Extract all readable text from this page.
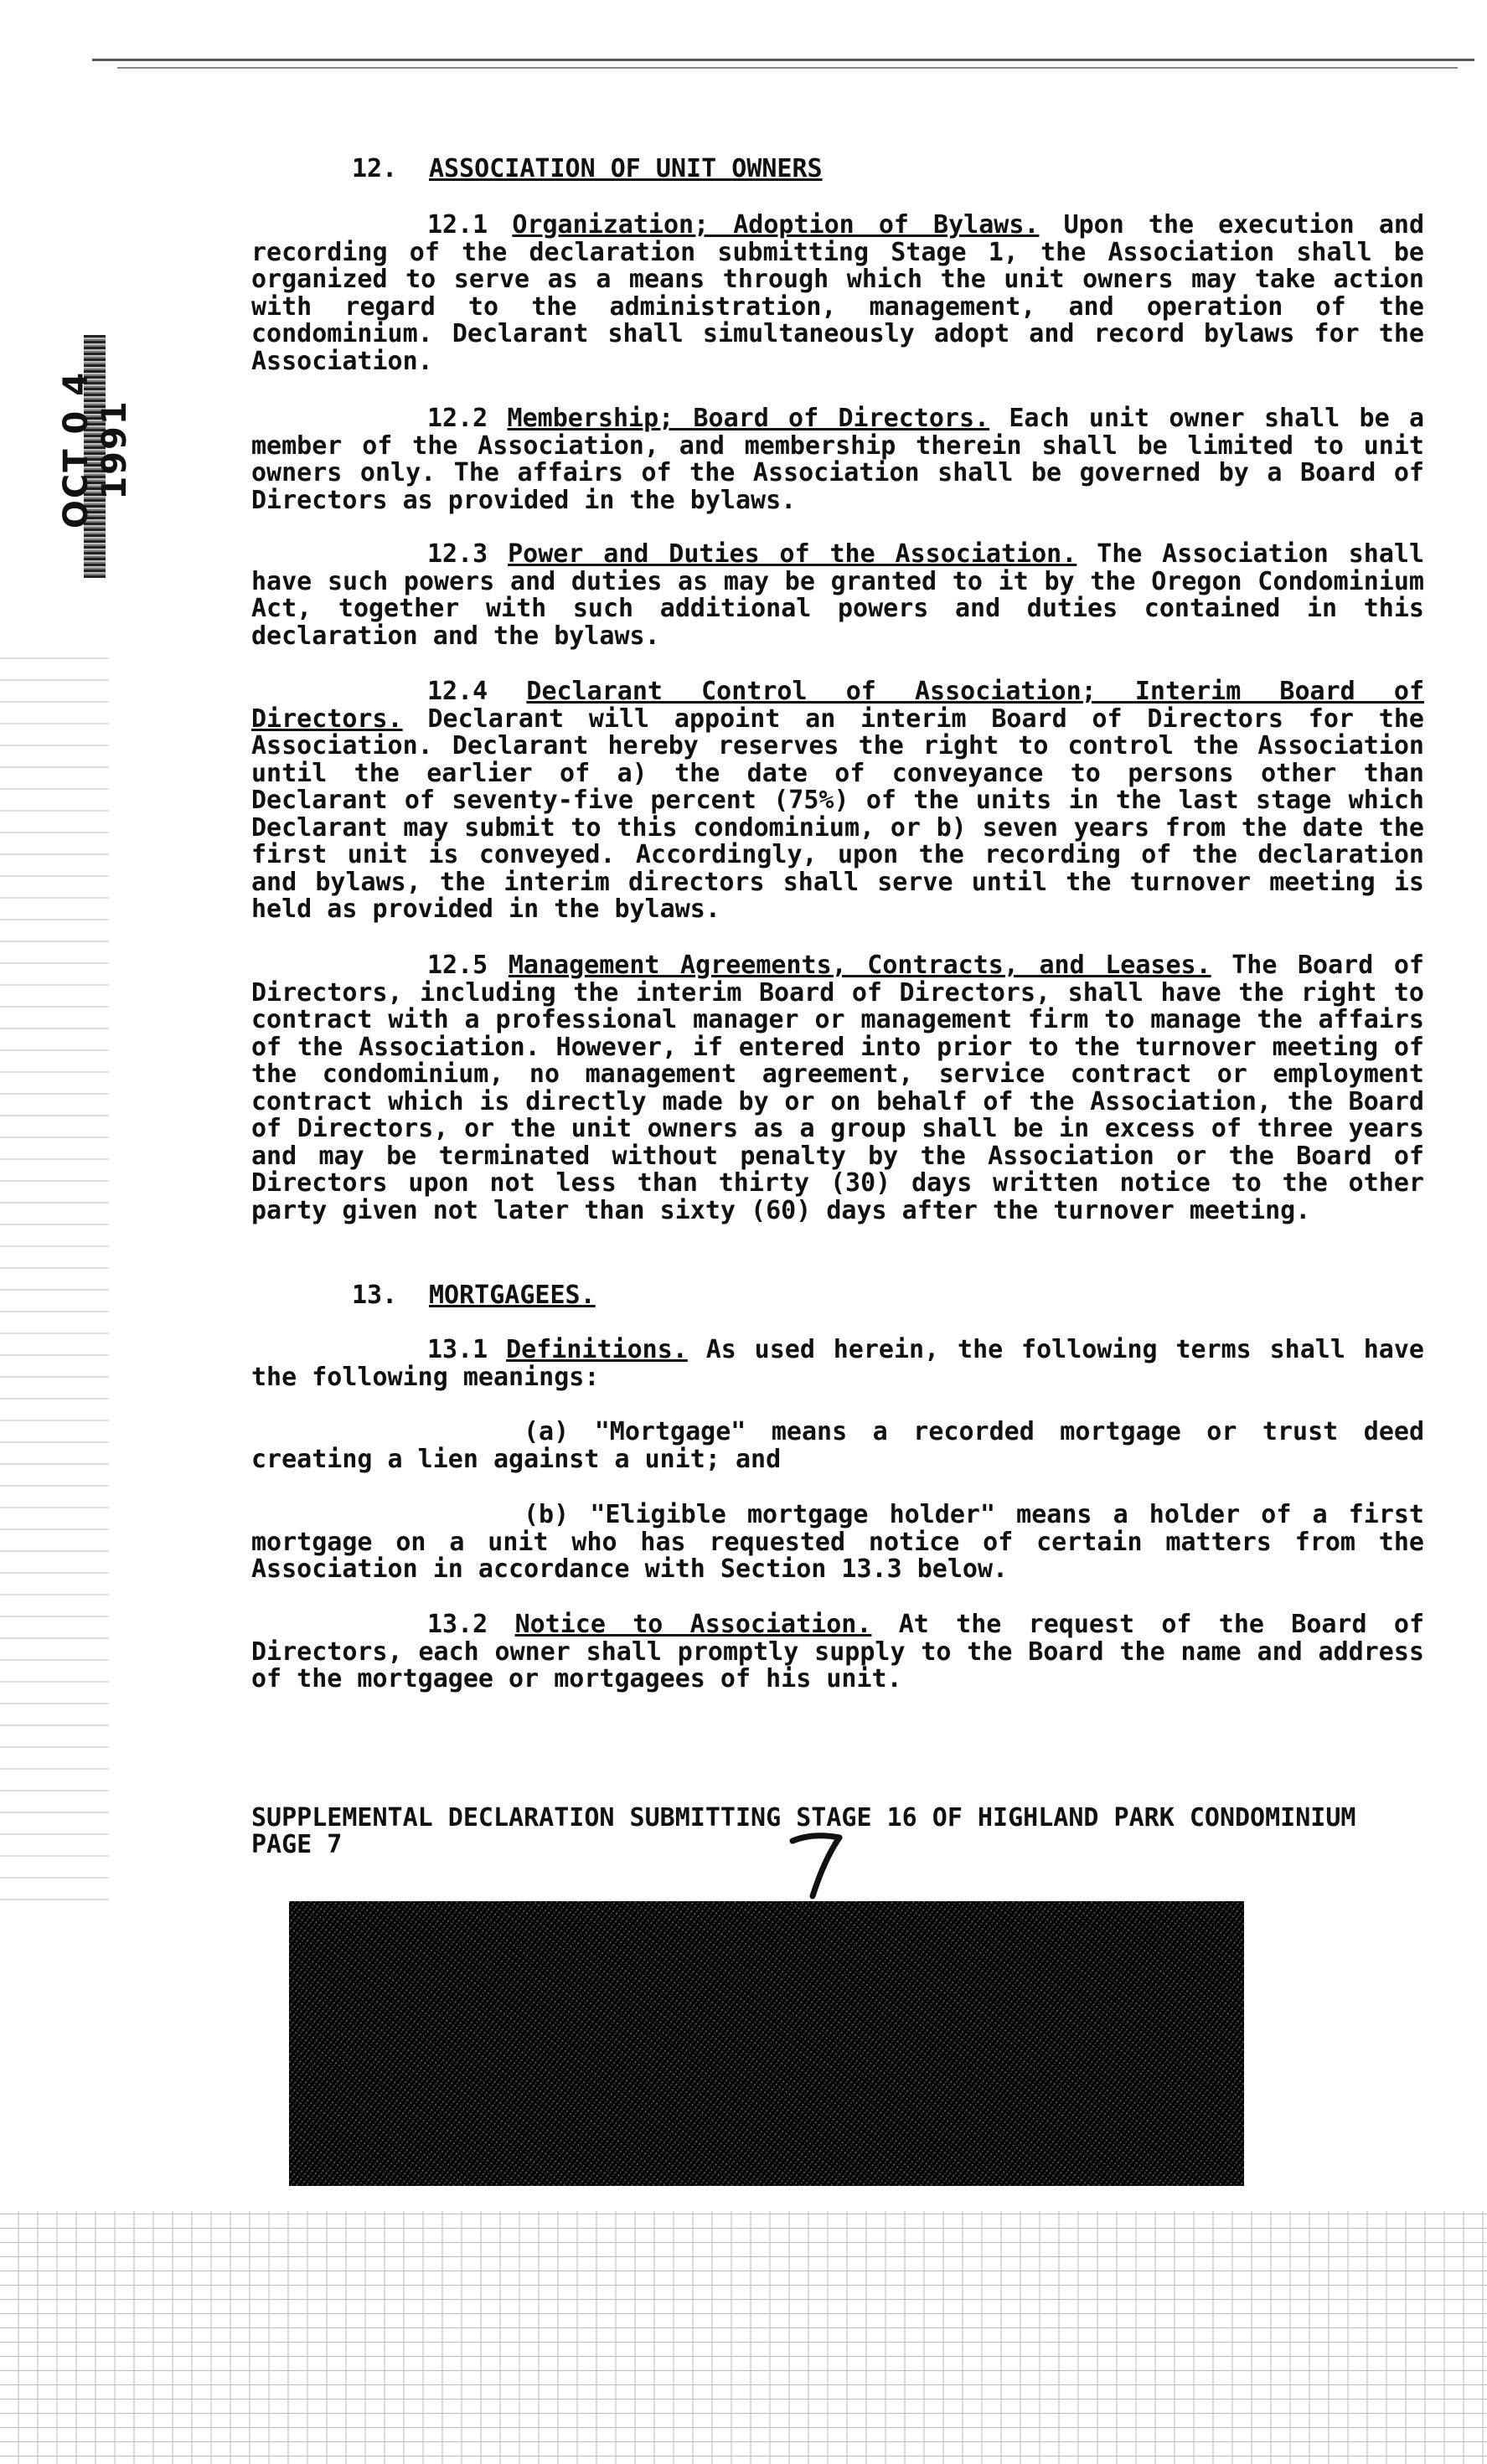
OCT 0 4 1991
12. ASSOCIATION OF UNIT OWNERS
12.1 Organization; Adoption of Bylaws. Upon the execution and recording of the declaration submitting Stage 1, the Association shall be organized to serve as a means through which the unit owners may take action with regard to the administration, management, and operation of the condominium. Declarant shall simultaneously adopt and record bylaws for the Association.
12.2 Membership; Board of Directors. Each unit owner shall be a member of the Association, and membership therein shall be limited to unit owners only. The affairs of the Association shall be governed by a Board of Directors as provided in the bylaws.
12.3 Power and Duties of the Association. The Association shall have such powers and duties as may be granted to it by the Oregon Condominium Act, together with such additional powers and duties contained in this declaration and the bylaws.
12.4 Declarant Control of Association; Interim Board of Directors. Declarant will appoint an interim Board of Directors for the Association. Declarant hereby reserves the right to control the Association until the earlier of a) the date of conveyance to persons other than Declarant of seventy-five percent (75%) of the units in the last stage which Declarant may submit to this condominium, or b) seven years from the date the first unit is conveyed. Accordingly, upon the recording of the declaration and bylaws, the interim directors shall serve until the turnover meeting is held as provided in the bylaws.
12.5 Management Agreements, Contracts, and Leases. The Board of Directors, including the interim Board of Directors, shall have the right to contract with a professional manager or management firm to manage the affairs of the Association. However, if entered into prior to the turnover meeting of the condominium, no management agreement, service contract or employment contract which is directly made by or on behalf of the Association, the Board of Directors, or the unit owners as a group shall be in excess of three years and may be terminated without penalty by the Association or the Board of Directors upon not less than thirty (30) days written notice to the other party given not later than sixty (60) days after the turnover meeting.
13. MORTGAGEES.
13.1 Definitions. As used herein, the following terms shall have the following meanings:
(a) "Mortgage" means a recorded mortgage or trust deed creating a lien against a unit; and
(b) "Eligible mortgage holder" means a holder of a first mortgage on a unit who has requested notice of certain matters from the Association in accordance with Section 13.3 below.
13.2 Notice to Association. At the request of the Board of Directors, each owner shall promptly supply to the Board the name and address of the mortgagee or mortgagees of his unit.
SUPPLEMENTAL DECLARATION SUBMITTING STAGE 16 OF HIGHLAND PARK CONDOMINIUM
PAGE 7
